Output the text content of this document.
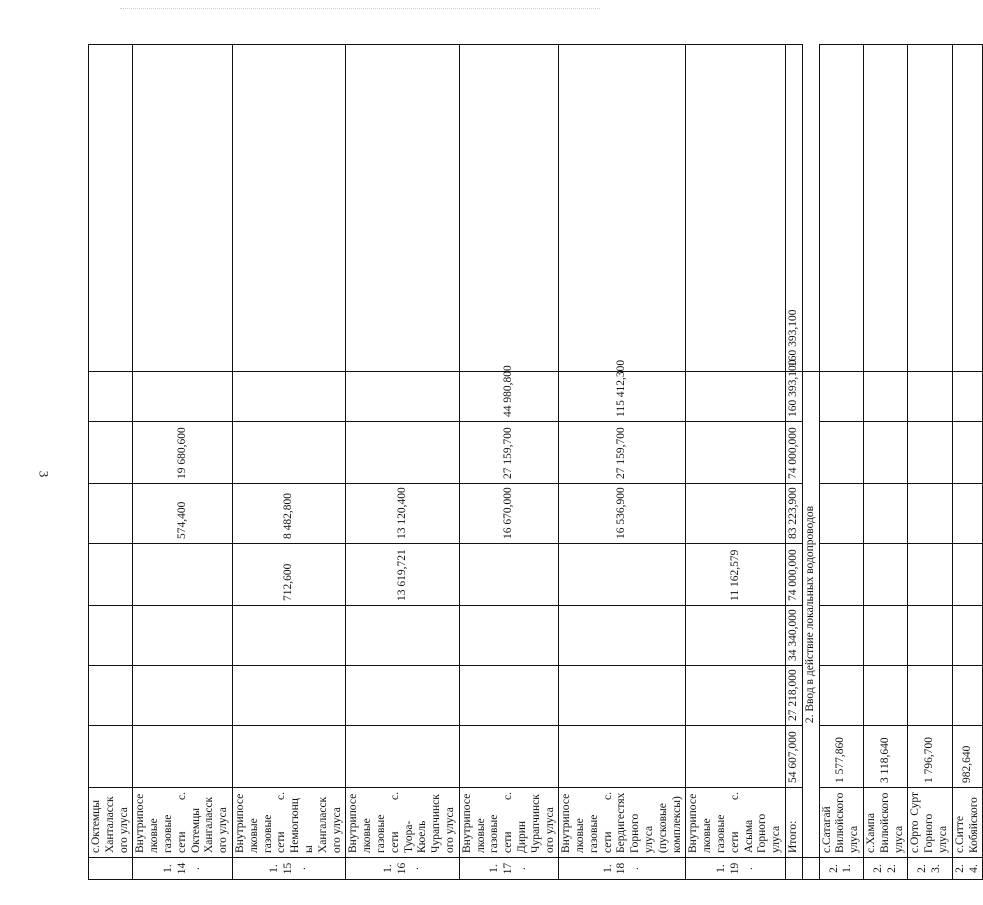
3
	с.Октемцы Ханталасского улуса								
1.14.	Внутрипоселковые газовые сети с. Октемцы Хангаласского улуса					574,400	19 680,600		
1.15.	Внутрипоселковые газовые сети с. Немюгюнцы Хангаласского улуса				712,600	8 482,800			
1.16.	Внутрипоселковые газовые сети с. Туора-Кюель Чурапчинского улуса				13 619,721	13 120,400			
1.17.	Внутрипоселковые газовые сети с. Дирин Чурапчинского улуса					16 670,000	27 159,700	44 980,800	
1.18.	Внутрипоселковые газовые сети с. Бердигестях Горного улуса (пусковые комплексы)					16 536,900	27 159,700	115 412,300	
1.19.	Внутрипоселковые газовые сети с. Асыма Горного улуса				11 162,579				
	Итого:	54 607,000	27 218,000	34 340,000	74 000,000	83 223,900	74 000,000	160 393,100	160 393,100
	2. Ввод в действие локальных водопроводов								
2.1.	с.Сатагай Вилюйского улуса	1 577,860							
2.2.	с.Хампа Вилюйского улуса	3 118,640							
2.3.	с.Орто Сурт Горного улуса	1 796,700							
2.4.	с.Ситте Кобяйского	982,640							
